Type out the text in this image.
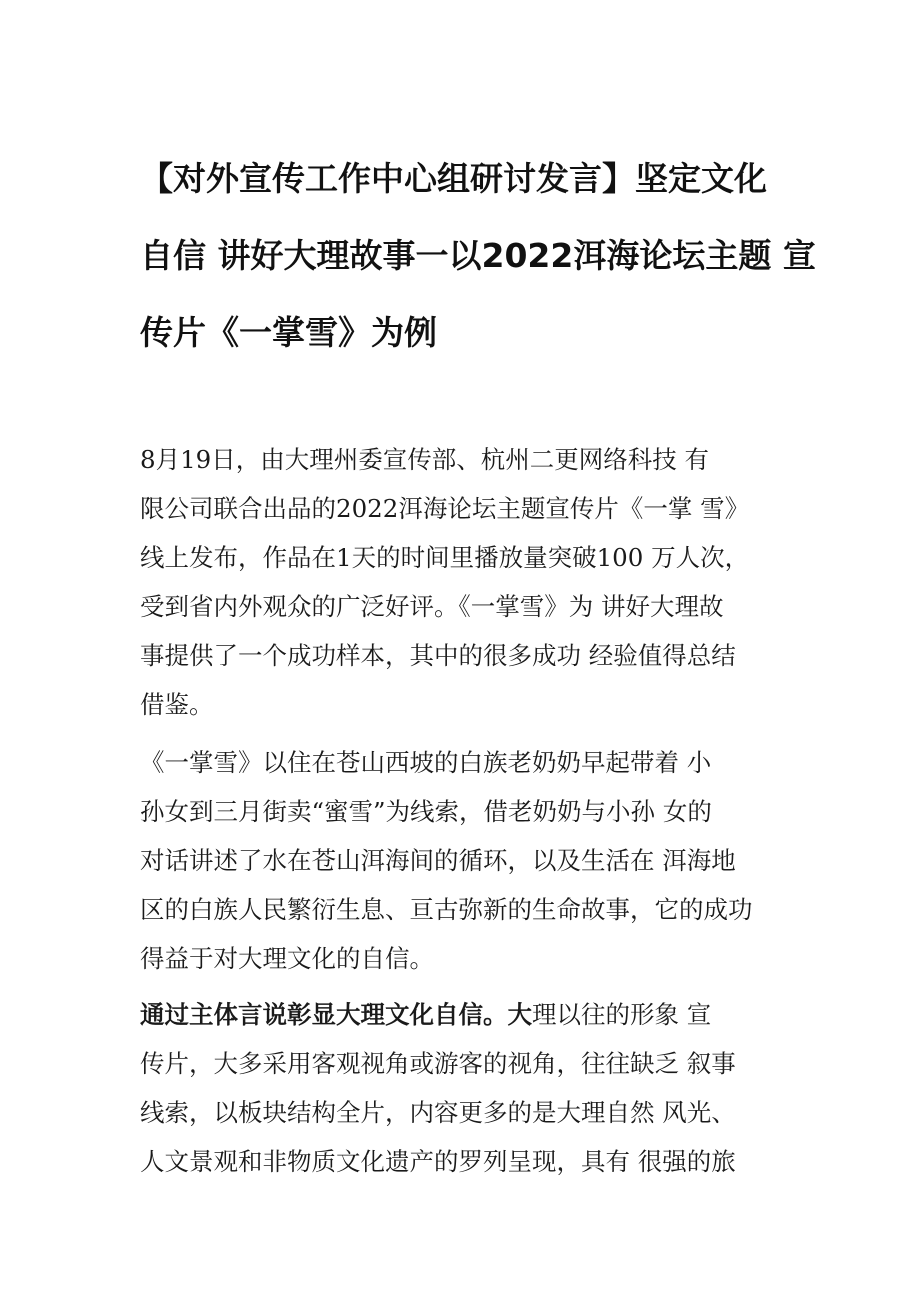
【对外宣传工作中心组研讨发言】坚定文化
自信 讲好大理故事一以2022洱海论坛主题 宣
传片《一掌雪》为例
8月19日，由大理州委宣传部、杭州二更网络科技 有
限公司联合出品的2022洱海论坛主题宣传片《一掌 雪》
线上发布，作品在1天的时间里播放量突破100 万人次，
受到省内外观众的广泛好评。《一掌雪》为 讲好大理故
事提供了一个成功样本，其中的很多成功 经验值得总结
借鉴。
《一掌雪》以住在苍山西坡的白族老奶奶早起带着 小
孙女到三月街卖“蜜雪”为线索，借老奶奶与小孙 女的
对话讲述了水在苍山洱海间的循环，以及生活在 洱海地
区的白族人民繁衍生息、亘古弥新的生命故事，它的成功
得益于对大理文化的自信。
通过主体言说彰显大理文化自信。大理以往的形象 宣
传片，大多采用客观视角或游客的视角，往往缺乏 叙事
线索，以板块结构全片，内容更多的是大理自然 风光、
人文景观和非物质文化遗产的罗列呈现，具有 很强的旅
